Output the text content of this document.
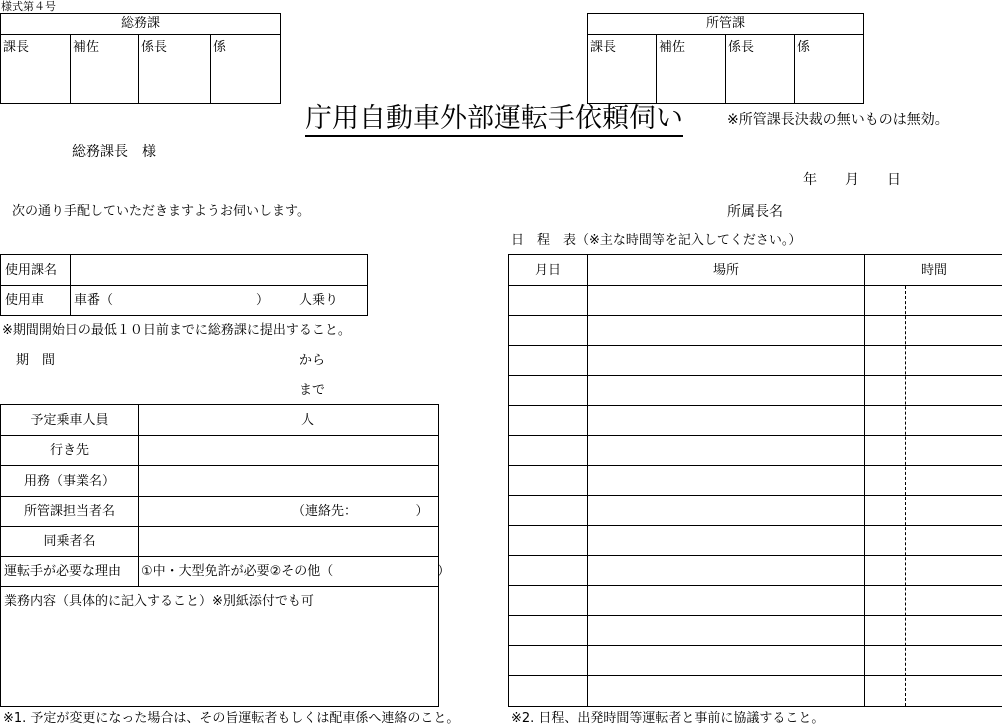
様式第４号
総務課
課長	補佐	係長	係
所管課
課長	補佐	係長	係
庁用自動車外部運転手依頼伺い	※所管課長決裁の無いものは無効。
総務課長　様
年　　月　　日
次の通り手配していただきますようお伺いします。	所属長名
使用課名
使用車 車番（　　　　　　　　　　　） 人乗り
※期間開始日の最低１０日前までに総務課に提出すること。
期　間	から
まで
予定乗車人員	人
行き先
用務（事業名）
所管課担当者名	（連絡先：　　　　　）
同乗者名
運転手が必要な理由 ①中・大型免許が必要②その他（　　　　　　　　）
業務内容（具体的に記入すること）※別紙添付でも可
日　程　表（※主な時間等を記入してください。）
月日	場所	時間
※1. 予定が変更になった場合は、その旨運転者もしくは配車係へ連絡のこと。	※2. 日程、出発時間等運転者と事前に協議すること。
